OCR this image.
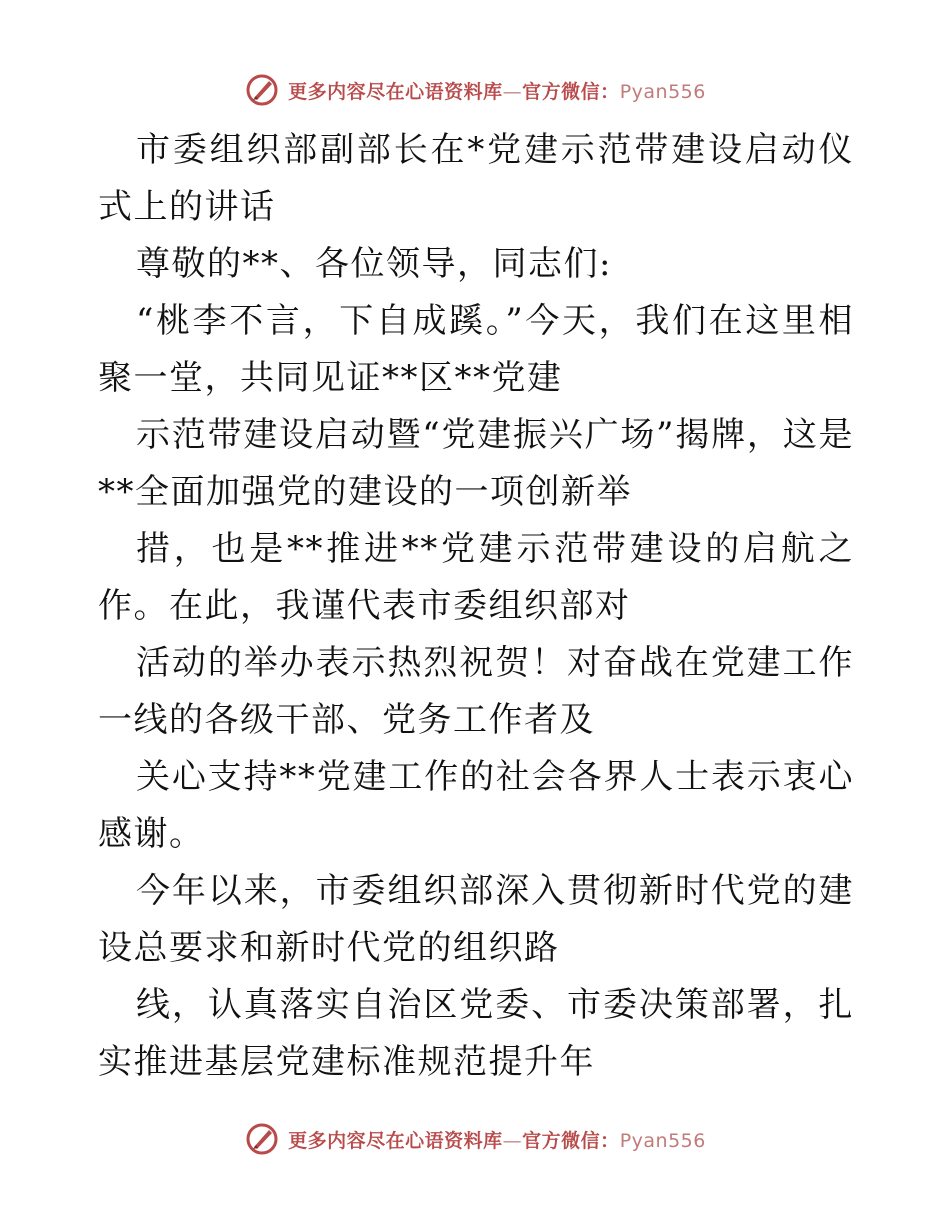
更多内容尽在心语资料库—官方微信：Pyan556

市委组织部副部长在*党建示范带建设启动仪式上的讲话

尊敬的**、各位领导，同志们:

“桃李不言，下自成蹊。”今天，我们在这里相聚一堂，共同见证**区**党建

示范带建设启动暨“党建振兴广场”揭牌，这是**全面加强党的建设的一项创新举

措，也是**推进**党建示范带建设的启航之作。在此，我谨代表市委组织部对

活动的举办表示热烈祝贺！对奋战在党建工作一线的各级干部、党务工作者及

关心支持**党建工作的社会各界人士表示衷心感谢。

今年以来，市委组织部深入贯彻新时代党的建设总要求和新时代党的组织路

线，认真落实自治区党委、市委决策部署，扎实推进基层党建标准规范提升年

更多内容尽在心语资料库—官方微信：Pyan556
